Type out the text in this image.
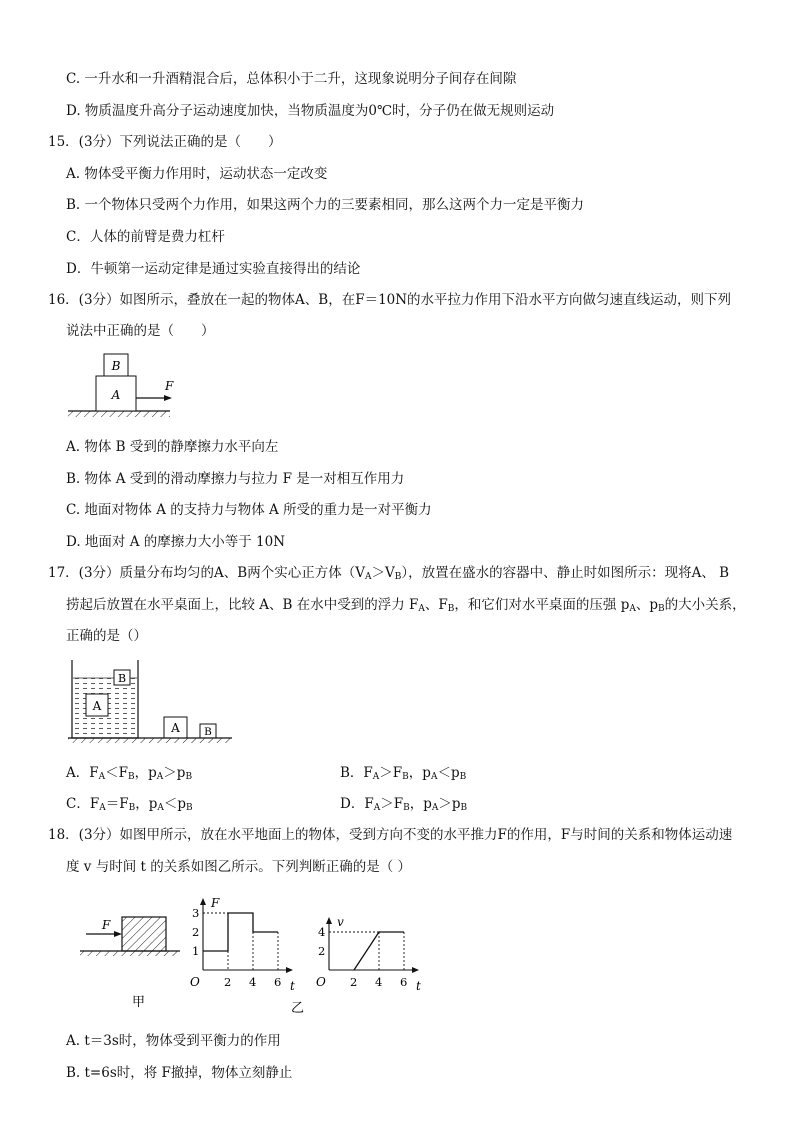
C. 一升水和一升酒精混合后，总体积小于二升，这现象说明分子间存在间隙
D. 物质温度升高分子运动速度加快，当物质温度为0℃时，分子仍在做无规则运动
15．(3分）下列说法正确的是（　　）
A. 物体受平衡力作用时，运动状态一定改变
B. 一个物体只受两个力作用，如果这两个力的三要素相同，那么这两个力一定是平衡力
C．人体的前臂是费力杠杆
D．牛顿第一运动定律是通过实验直接得出的结论
16．(3分）如图所示，叠放在一起的物体A、B，在F＝10N的水平拉力作用下沿水平方向做匀速直线运动，则下列
说法中正确的是（　　）
B
A
F
A. 物体 B 受到的静摩擦力水平向左
B. 物体 A 受到的滑动摩擦力与拉力 F 是一对相互作用力
C. 地面对物体 A 的支持力与物体 A 所受的重力是一对平衡力
D. 地面对 A 的摩擦力大小等于 10N
17．(3分）质量分布均匀的A、B两个实心正方体$(V_A>V_B)$，放置在盛水的容器中、静止时如图所示：现将A、 B
捞起后放置在水平桌面上，比较 A、B 在水中受到的浮力 $F_A$、$F_B$，和它们对水平桌面的压强 $p_A$、$p_B$的大小关系，
正确的是（）
B
A
A B
A．$F_A<F_B$，$p_A>p_B$	B．$F_A>F_B$，$p_A<p_B$
C．$F_A=F_B$，$p_A<p_B$	D．$F_A>F_B$，$p_A>p_B$
18．(3分）如图甲所示，放在水平地面上的物体，受到方向不变的水平推力F的作用，F与时间的关系和物体运动速
度 v 与时间 t 的关系如图乙所示。下列判断正确的是（ ）
F
甲
F
t
O
1
2
3
2 4 6
v
t
O
2
4
2 4 6
乙
A. t＝3s时，物体受到平衡力的作用
B. t=6s时，将 F撤掉，物体立刻静止
